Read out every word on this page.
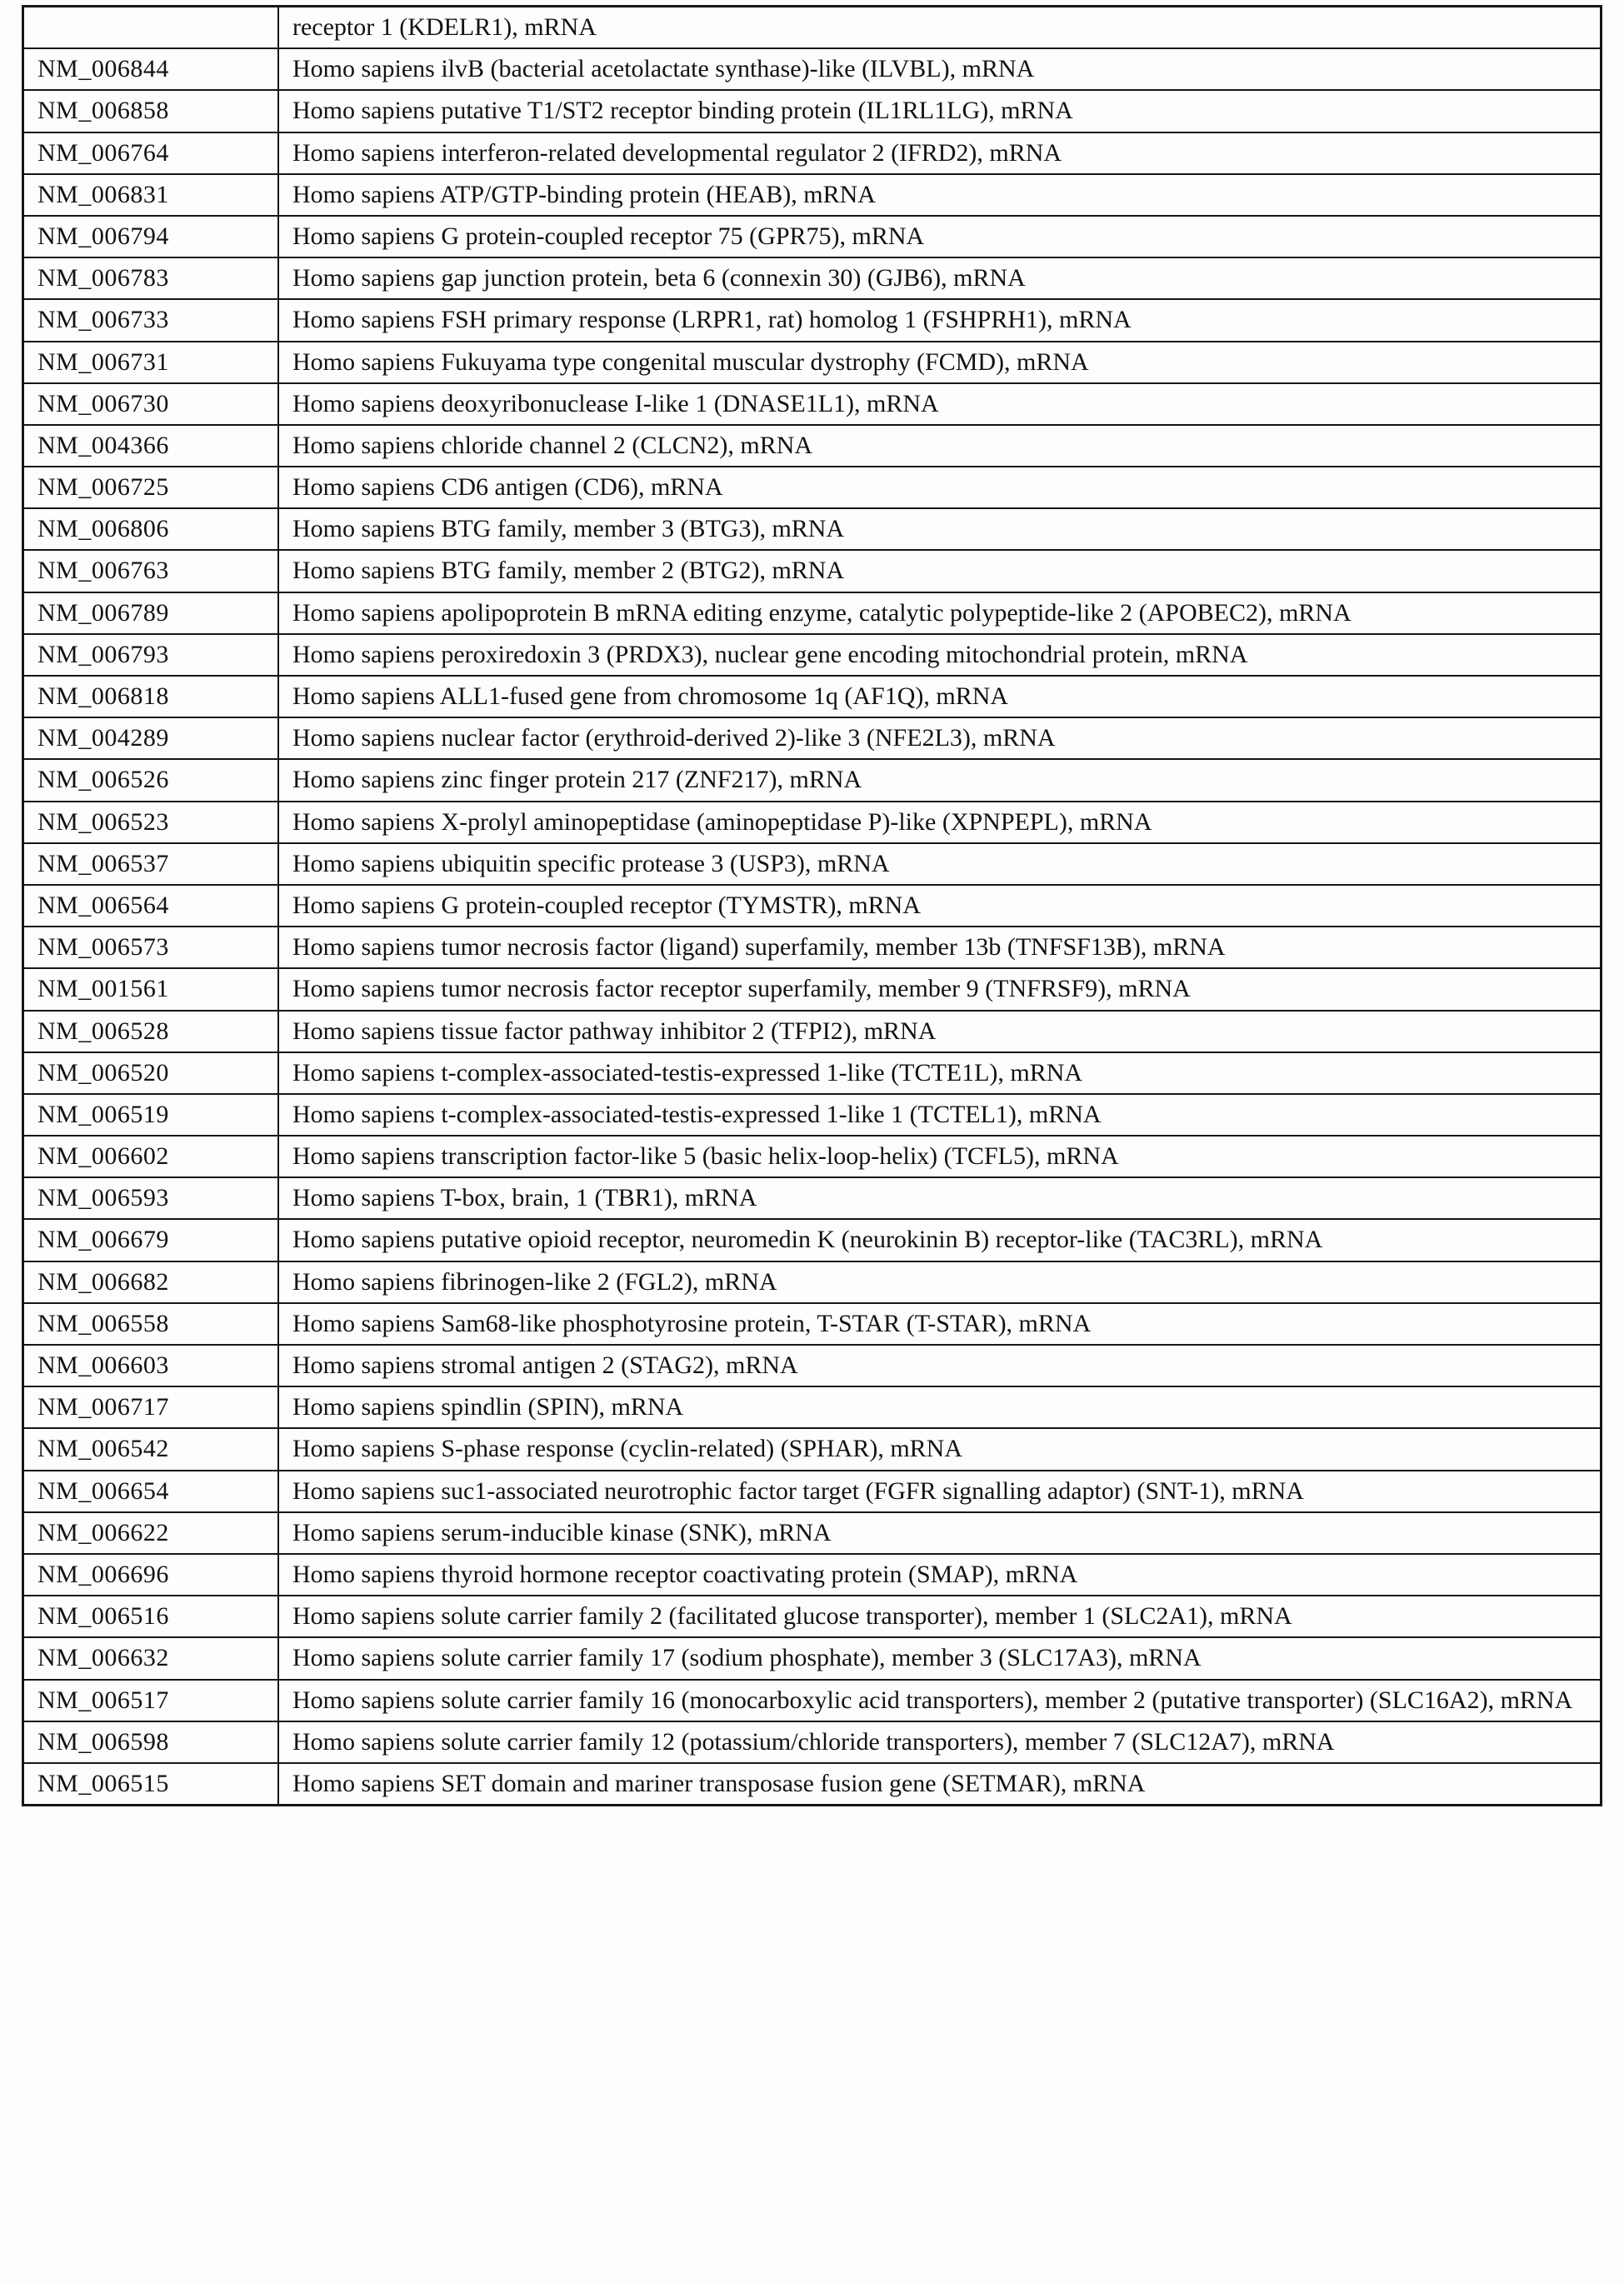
	receptor 1 (KDELR1), mRNA
NM_006844	Homo sapiens ilvB (bacterial acetolactate synthase)-like (ILVBL), mRNA
NM_006858	Homo sapiens putative T1/ST2 receptor binding protein (IL1RL1LG), mRNA
NM_006764	Homo sapiens interferon-related developmental regulator 2 (IFRD2), mRNA
NM_006831	Homo sapiens ATP/GTP-binding protein (HEAB), mRNA
NM_006794	Homo sapiens G protein-coupled receptor 75 (GPR75), mRNA
NM_006783	Homo sapiens gap junction protein, beta 6 (connexin 30) (GJB6), mRNA
NM_006733	Homo sapiens FSH primary response (LRPR1, rat) homolog 1 (FSHPRH1), mRNA
NM_006731	Homo sapiens Fukuyama type congenital muscular dystrophy (FCMD), mRNA
NM_006730	Homo sapiens deoxyribonuclease I-like 1 (DNASE1L1), mRNA
NM_004366	Homo sapiens chloride channel 2 (CLCN2), mRNA
NM_006725	Homo sapiens CD6 antigen (CD6), mRNA
NM_006806	Homo sapiens BTG family, member 3 (BTG3), mRNA
NM_006763	Homo sapiens BTG family, member 2 (BTG2), mRNA
NM_006789	Homo sapiens apolipoprotein B mRNA editing enzyme, catalytic polypeptide-like 2 (APOBEC2), mRNA
NM_006793	Homo sapiens peroxiredoxin 3 (PRDX3), nuclear gene encoding mitochondrial protein, mRNA
NM_006818	Homo sapiens ALL1-fused gene from chromosome 1q (AF1Q), mRNA
NM_004289	Homo sapiens nuclear factor (erythroid-derived 2)-like 3 (NFE2L3), mRNA
NM_006526	Homo sapiens zinc finger protein 217 (ZNF217), mRNA
NM_006523	Homo sapiens X-prolyl aminopeptidase (aminopeptidase P)-like (XPNPEPL), mRNA
NM_006537	Homo sapiens ubiquitin specific protease 3 (USP3), mRNA
NM_006564	Homo sapiens G protein-coupled receptor (TYMSTR), mRNA
NM_006573	Homo sapiens tumor necrosis factor (ligand) superfamily, member 13b (TNFSF13B), mRNA
NM_001561	Homo sapiens tumor necrosis factor receptor superfamily, member 9 (TNFRSF9), mRNA
NM_006528	Homo sapiens tissue factor pathway inhibitor 2 (TFPI2), mRNA
NM_006520	Homo sapiens t-complex-associated-testis-expressed 1-like (TCTE1L), mRNA
NM_006519	Homo sapiens t-complex-associated-testis-expressed 1-like 1 (TCTEL1), mRNA
NM_006602	Homo sapiens transcription factor-like 5 (basic helix-loop-helix) (TCFL5), mRNA
NM_006593	Homo sapiens T-box, brain, 1 (TBR1), mRNA
NM_006679	Homo sapiens putative opioid receptor, neuromedin K (neurokinin B) receptor-like (TAC3RL), mRNA
NM_006682	Homo sapiens fibrinogen-like 2 (FGL2), mRNA
NM_006558	Homo sapiens Sam68-like phosphotyrosine protein, T-STAR (T-STAR), mRNA
NM_006603	Homo sapiens stromal antigen 2 (STAG2), mRNA
NM_006717	Homo sapiens spindlin (SPIN), mRNA
NM_006542	Homo sapiens S-phase response (cyclin-related) (SPHAR), mRNA
NM_006654	Homo sapiens suc1-associated neurotrophic factor target (FGFR signalling adaptor) (SNT-1), mRNA
NM_006622	Homo sapiens serum-inducible kinase (SNK), mRNA
NM_006696	Homo sapiens thyroid hormone receptor coactivating protein (SMAP), mRNA
NM_006516	Homo sapiens solute carrier family 2 (facilitated glucose transporter), member 1 (SLC2A1), mRNA
NM_006632	Homo sapiens solute carrier family 17 (sodium phosphate), member 3 (SLC17A3), mRNA
NM_006517	Homo sapiens solute carrier family 16 (monocarboxylic acid transporters), member 2 (putative transporter) (SLC16A2), mRNA
NM_006598	Homo sapiens solute carrier family 12 (potassium/chloride transporters), member 7 (SLC12A7), mRNA
NM_006515	Homo sapiens SET domain and mariner transposase fusion gene (SETMAR), mRNA
